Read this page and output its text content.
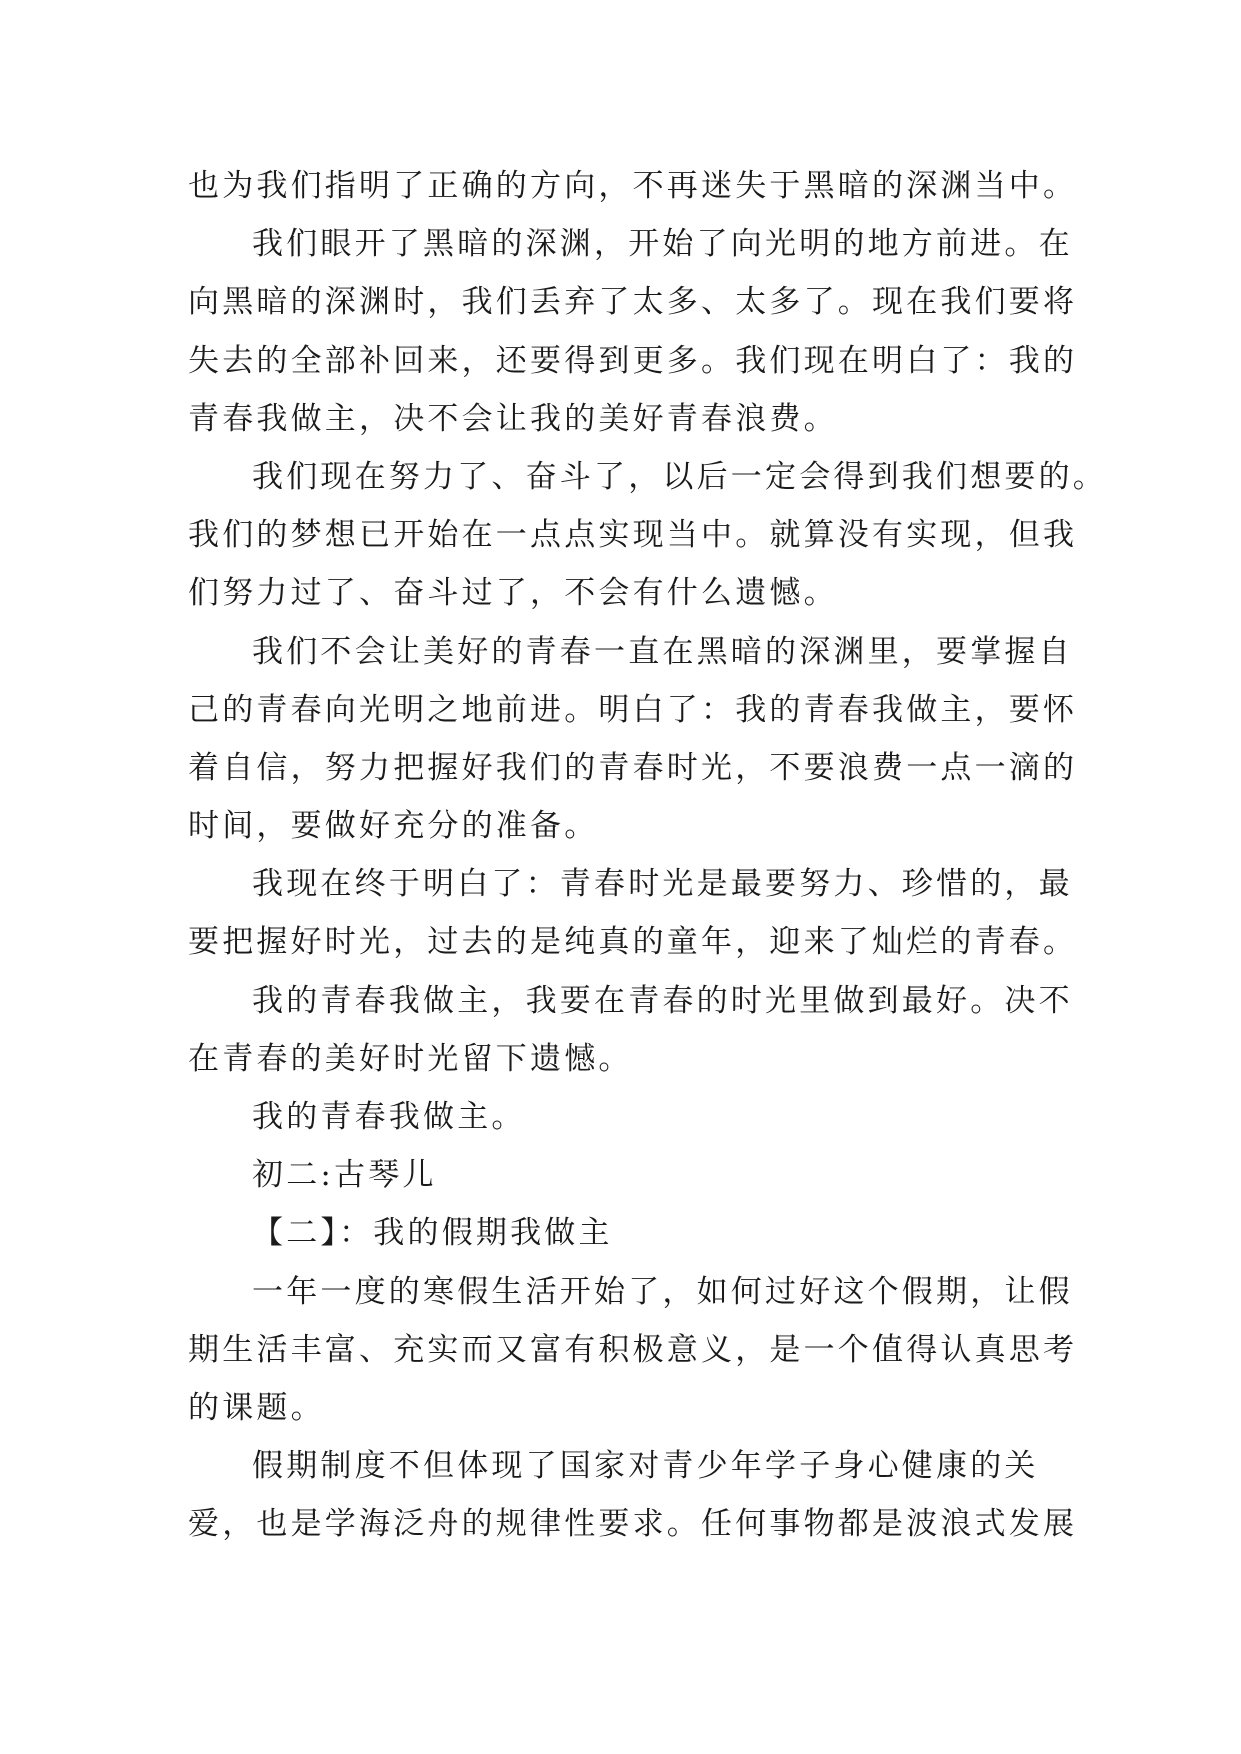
也为我们指明了正确的方向，不再迷失于黑暗的深渊当中。
我们眼开了黑暗的深渊，开始了向光明的地方前进。在
向黑暗的深渊时，我们丢弃了太多、太多了。现在我们要将
失去的全部补回来，还要得到更多。我们现在明白了：我的
青春我做主，决不会让我的美好青春浪费。
我们现在努力了、奋斗了，以后一定会得到我们想要的。
我们的梦想已开始在一点点实现当中。就算没有实现，但我
们努力过了、奋斗过了，不会有什么遗憾。
我们不会让美好的青春一直在黑暗的深渊里，要掌握自
己的青春向光明之地前进。明白了：我的青春我做主，要怀
着自信，努力把握好我们的青春时光，不要浪费一点一滴的
时间，要做好充分的准备。
我现在终于明白了：青春时光是最要努力、珍惜的，最
要把握好时光，过去的是纯真的童年，迎来了灿烂的青春。
我的青春我做主，我要在青春的时光里做到最好。决不
在青春的美好时光留下遗憾。
我的青春我做主。
初二:古琴儿
【二】：我的假期我做主
一年一度的寒假生活开始了，如何过好这个假期，让假
期生活丰富、充实而又富有积极意义，是一个值得认真思考
的课题。
假期制度不但体现了国家对青少年学子身心健康的关
爱，也是学海泛舟的规律性要求。任何事物都是波浪式发展
